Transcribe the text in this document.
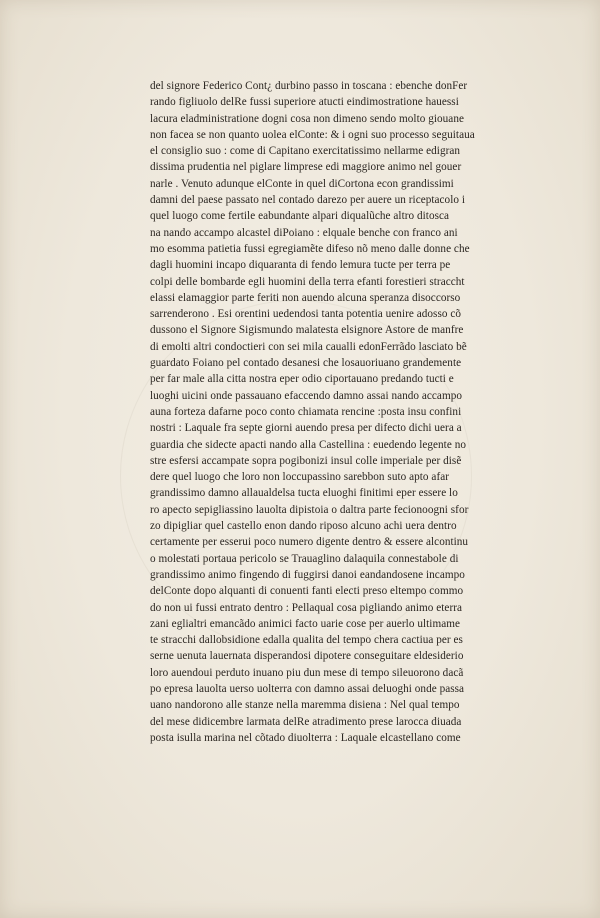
del signore Federico Cont¿ durbino passo in toscana : ebenche donFer
rando figliuolo delRe fussi superiore atucti eindimostratione hauessi
lacura eladministratione dogni cosa non dimeno sendo molto giouane
non facea se non quanto uolea elConte: & i ogni suo processo seguitaua
el consiglio suo : come di Capitano exercitatissimo nellarme edigran
dissima prudentia nel piglare limprese edi maggiore animo nel gouer
narle . Venuto adunque elConte in quel diCortona econ grandissimi
damni del paese passato nel contado darezo per auere un riceptacolo i
quel luogo come fertile eabundante alpari diqualũche altro ditosca
na nando accampo alcastel diPoiano : elquale benche con franco ani
mo esomma patietia fussi egregiamẽte difeso nõ meno dalle donne che
dagli huomini incapo diquaranta di fendo lemura tucte per terra pe
colpi delle bombarde egli huomini della terra efanti forestieri straccht
elassi elamaggior parte feriti non auendo alcuna speranza disoccorso
sarrenderono . Esi orentini uedendosi tanta potentia uenire adosso cõ
dussono el Signore Sigismundo malatesta elsignore Astore de manfre
di emolti altri condoctieri con sei mila caualli edonFerrãdo lasciato bẽ
guardato Foiano pel contado desanesi che losauoriuano grandemente
per far male alla citta nostra eper odio ciportauano predando tucti e
luoghi uicini onde passauano efaccendo damno assai nando accampo
auna forteza dafarne poco conto chiamata rencine :posta insu confini
nostri : Laquale fra septe giorni auendo presa per difecto dichi uera a
guardia che sidecte apacti nando alla Castellina : euedendo legente no
stre esfersi accampate sopra pogibonizi insul colle imperiale per disẽ
dere quel luogo che loro non loccupassino sarebbon suto apto afar
grandissimo damno allaualdelsa tucta eluoghi finitimi eper essere lo
ro apecto sepigliassino lauolta dipistoia o daltra parte fecionoogni sfor
zo dipigliar quel castello enon dando riposo alcuno achi uera dentro
certamente per esserui poco numero digente dentro & essere alcontinu
o molestati portaua pericolo se Trauaglino dalaquila connestabole di
grandissimo animo fingendo di fuggirsi danoi eandandosene incampo
delConte dopo alquanti di conuenti fanti electi preso eltempo commo
do non ui fussi entrato dentro : Pellaqual cosa pigliando animo eterra
zani eglialtri emancãdo animici facto uarie cose per auerlo ultimame
te stracchi dallobsidione edalla qualita del tempo chera cactiua per es
serne uenuta lauernata disperandosi dipotere conseguitare eldesiderio
loro auendoui perduto inuano piu dun mese di tempo sileuorono dacã
po epresa lauolta uerso uolterra con damno assai deluoghi onde passa
uano nandorono alle stanze nella maremma disiena : Nel qual tempo
del mese didicembre larmata delRe atradimento prese larocca diuada
posta isulla marina nel cõtado diuolterra : Laquale elcastellano come
